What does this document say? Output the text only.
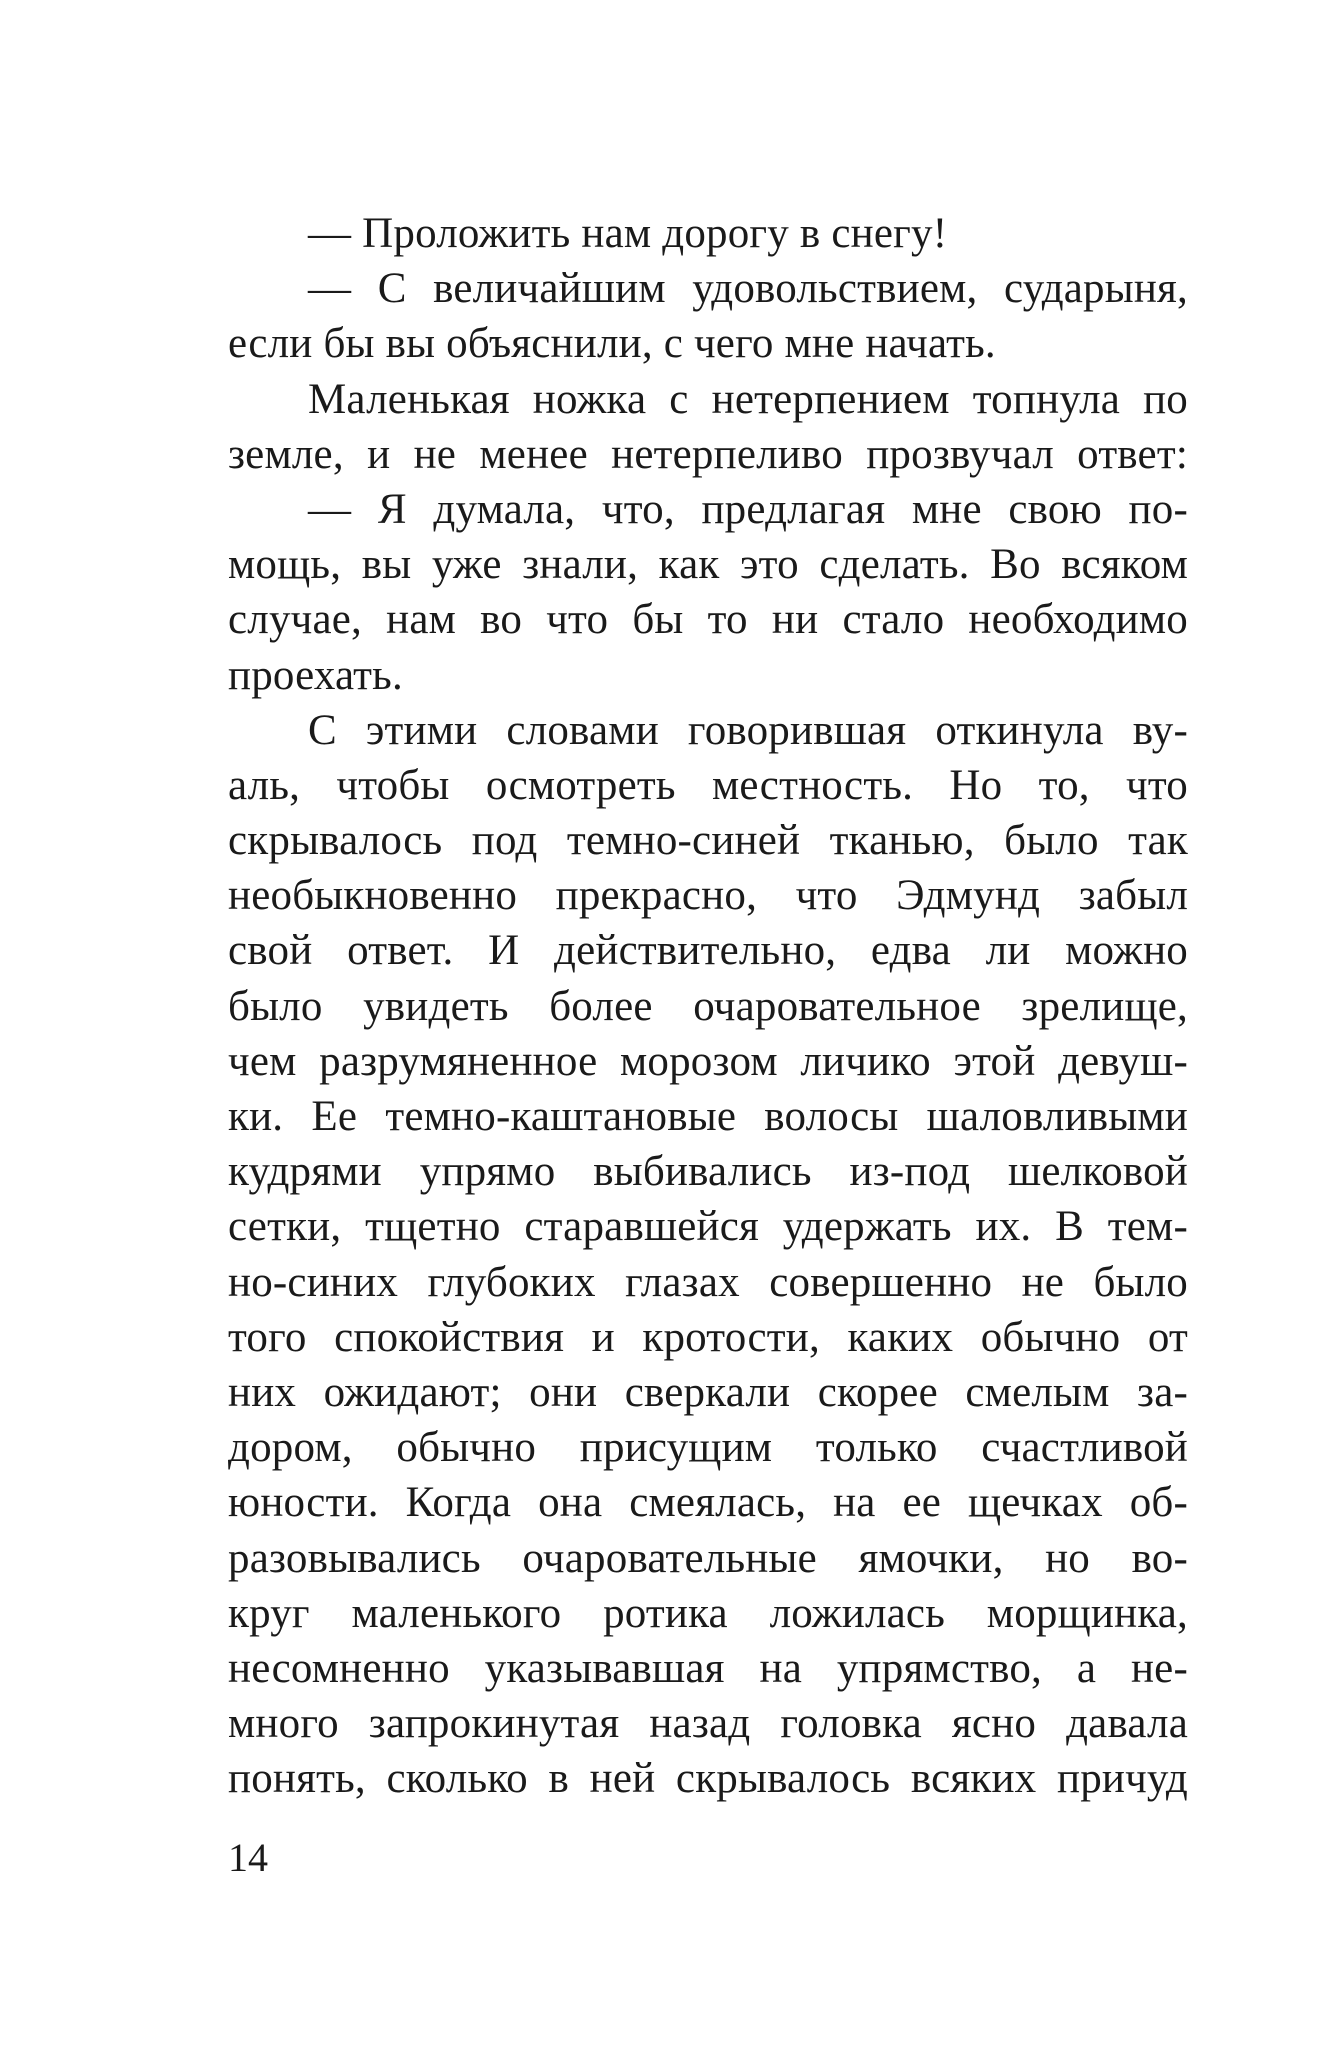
— Проложить нам дорогу в снегу!
— С величайшим удовольствием, сударыня,
если бы вы объяснили, с чего мне начать.
Маленькая ножка с нетерпением топнула по
земле, и не менее нетерпеливо прозвучал ответ:
— Я думала, что, предлагая мне свою по-
мощь, вы уже знали, как это сделать. Во всяком
случае, нам во что бы то ни стало необходимо
проехать.
С этими словами говорившая откинула ву-
аль, чтобы осмотреть местность. Но то, что
скрывалось под темно-синей тканью, было так
необыкновенно прекрасно, что Эдмунд забыл
свой ответ. И действительно, едва ли можно
было увидеть более очаровательное зрелище,
чем разрумяненное морозом личико этой девуш-
ки. Ее темно-каштановые волосы шаловливыми
кудрями упрямо выбивались из-под шелковой
сетки, тщетно старавшейся удержать их. В тем-
но-синих глубоких глазах совершенно не было
того спокойствия и кротости, каких обычно от
них ожидают; они сверкали скорее смелым за-
дором, обычно присущим только счастливой
юности. Когда она смеялась, на ее щечках об-
разовывались очаровательные ямочки, но во-
круг маленького ротика ложилась морщинка,
несомненно указывавшая на упрямство, а не-
много запрокинутая назад головка ясно давала
понять, сколько в ней скрывалось всяких причуд
14
